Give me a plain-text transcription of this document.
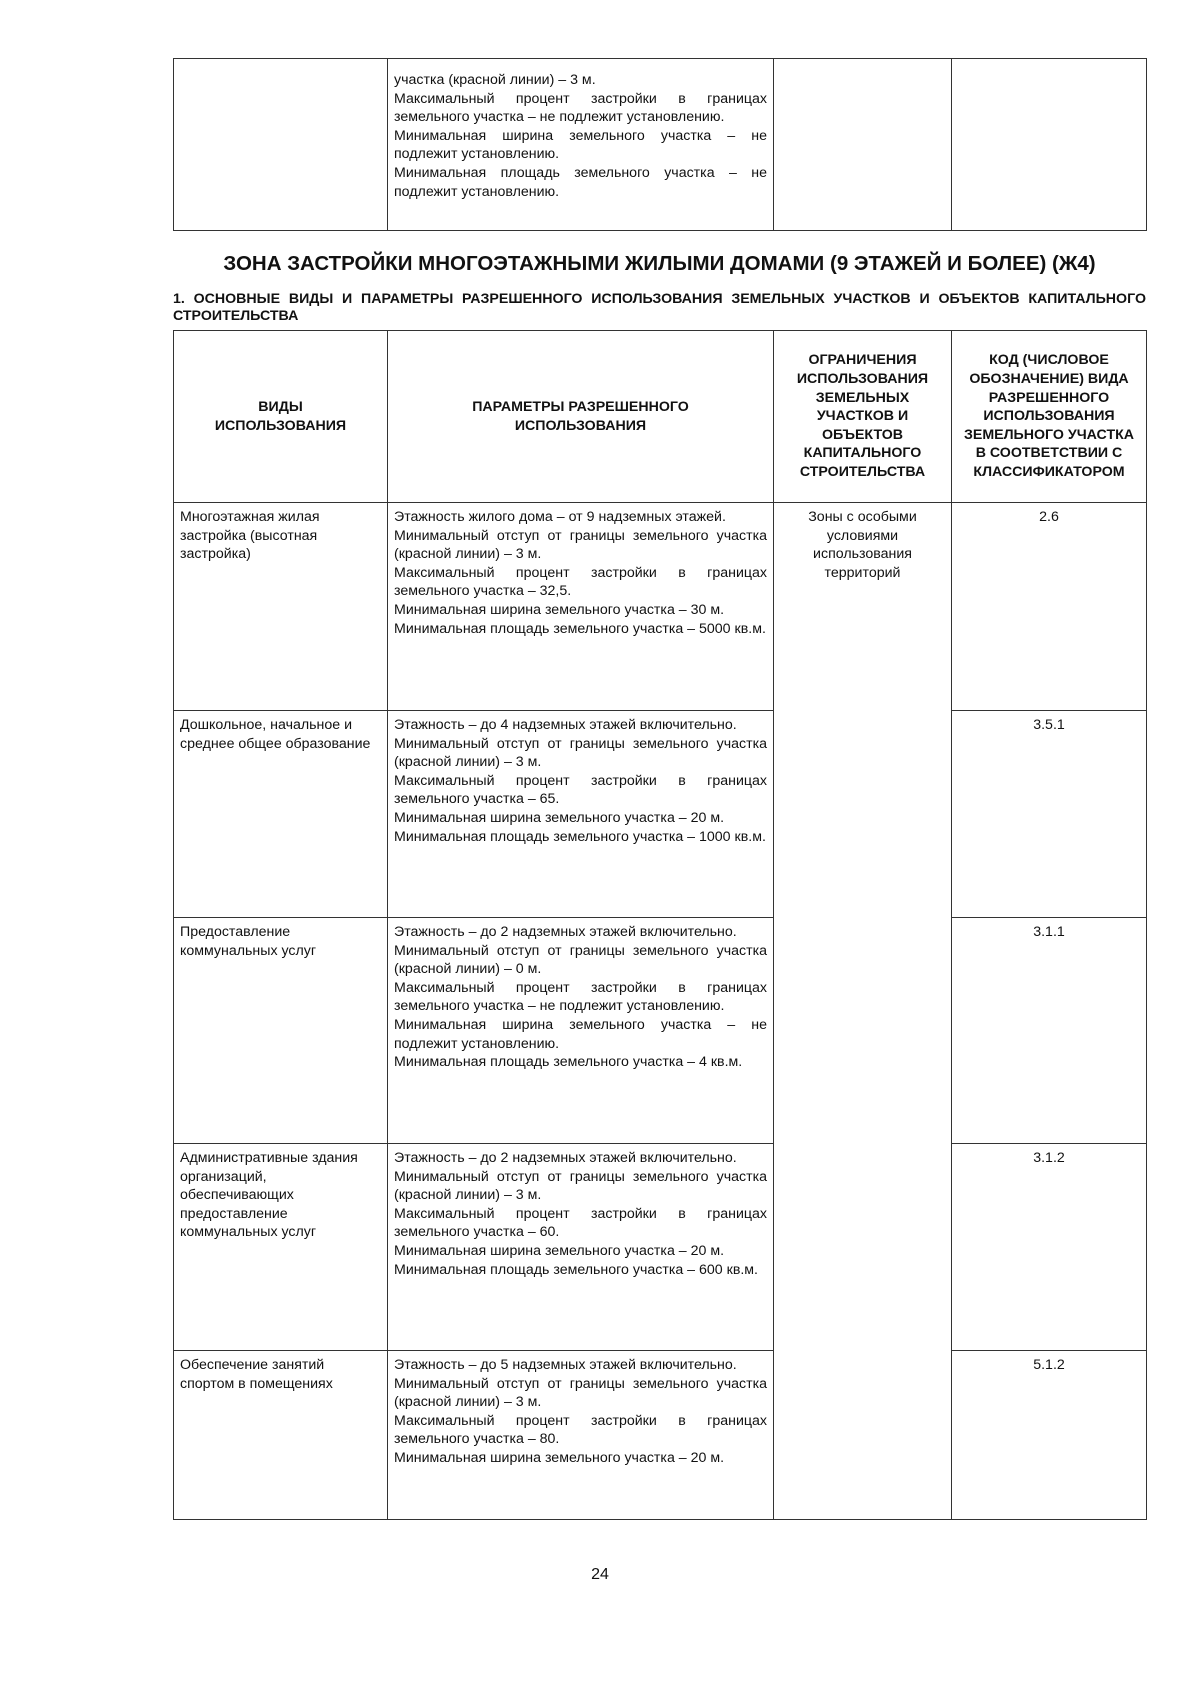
участка (красной линии) – 3 м.
Максимальный процент застройки в границах земельного участка – не подлежит установлению.
Минимальная ширина земельного участка – не подлежит установлению.
Минимальная площадь земельного участка – не подлежит установлению.

ЗОНА ЗАСТРОЙКИ МНОГОЭТАЖНЫМИ ЖИЛЫМИ ДОМАМИ (9 ЭТАЖЕЙ И БОЛЕЕ) (Ж4)

1. ОСНОВНЫЕ ВИДЫ И ПАРАМЕТРЫ РАЗРЕШЕННОГО ИСПОЛЬЗОВАНИЯ ЗЕМЕЛЬНЫХ УЧАСТКОВ И ОБЪЕКТОВ КАПИТАЛЬНОГО СТРОИТЕЛЬСТВА

ВИДЫ ИСПОЛЬЗОВАНИЯ	ПАРАМЕТРЫ РАЗРЕШЕННОГО ИСПОЛЬЗОВАНИЯ	ОГРАНИЧЕНИЯ ИСПОЛЬЗОВАНИЯ ЗЕМЕЛЬНЫХ УЧАСТКОВ И ОБЪЕКТОВ КАПИТАЛЬНОГО СТРОИТЕЛЬСТВА	КОД (ЧИСЛОВОЕ ОБОЗНАЧЕНИЕ) ВИДА РАЗРЕШЕННОГО ИСПОЛЬЗОВАНИЯ ЗЕМЕЛЬНОГО УЧАСТКА В СООТВЕТСТВИИ С КЛАССИФИКАТОРОМ
Многоэтажная жилая застройка (высотная застройка)	Этажность жилого дома – от 9 надземных этажей.
Минимальный отступ от границы земельного участка (красной линии) – 3 м.
Максимальный процент застройки в границах земельного участка – 32,5.
Минимальная ширина земельного участка – 30 м.
Минимальная площадь земельного участка – 5000 кв.м.	Зоны с особыми условиями использования территорий	2.6
Дошкольное, начальное и среднее общее образование	Этажность – до 4 надземных этажей включительно.
Минимальный отступ от границы земельного участка (красной линии) – 3 м.
Максимальный процент застройки в границах земельного участка – 65.
Минимальная ширина земельного участка – 20 м.
Минимальная площадь земельного участка – 1000 кв.м.		3.5.1
Предоставление коммунальных услуг	Этажность – до 2 надземных этажей включительно.
Минимальный отступ от границы земельного участка (красной линии) – 0 м.
Максимальный процент застройки в границах земельного участка – не подлежит установлению.
Минимальная ширина земельного участка – не подлежит установлению.
Минимальная площадь земельного участка – 4 кв.м.		3.1.1
Административные здания организаций, обеспечивающих предоставление коммунальных услуг	Этажность – до 2 надземных этажей включительно.
Минимальный отступ от границы земельного участка (красной линии) – 3 м.
Максимальный процент застройки в границах земельного участка – 60.
Минимальная ширина земельного участка – 20 м.
Минимальная площадь земельного участка – 600 кв.м.		3.1.2
Обеспечение занятий спортом в помещениях	Этажность – до 5 надземных этажей включительно.
Минимальный отступ от границы земельного участка (красной линии) – 3 м.
Максимальный процент застройки в границах земельного участка – 80.
Минимальная ширина земельного участка – 20 м.		5.1.2
24
